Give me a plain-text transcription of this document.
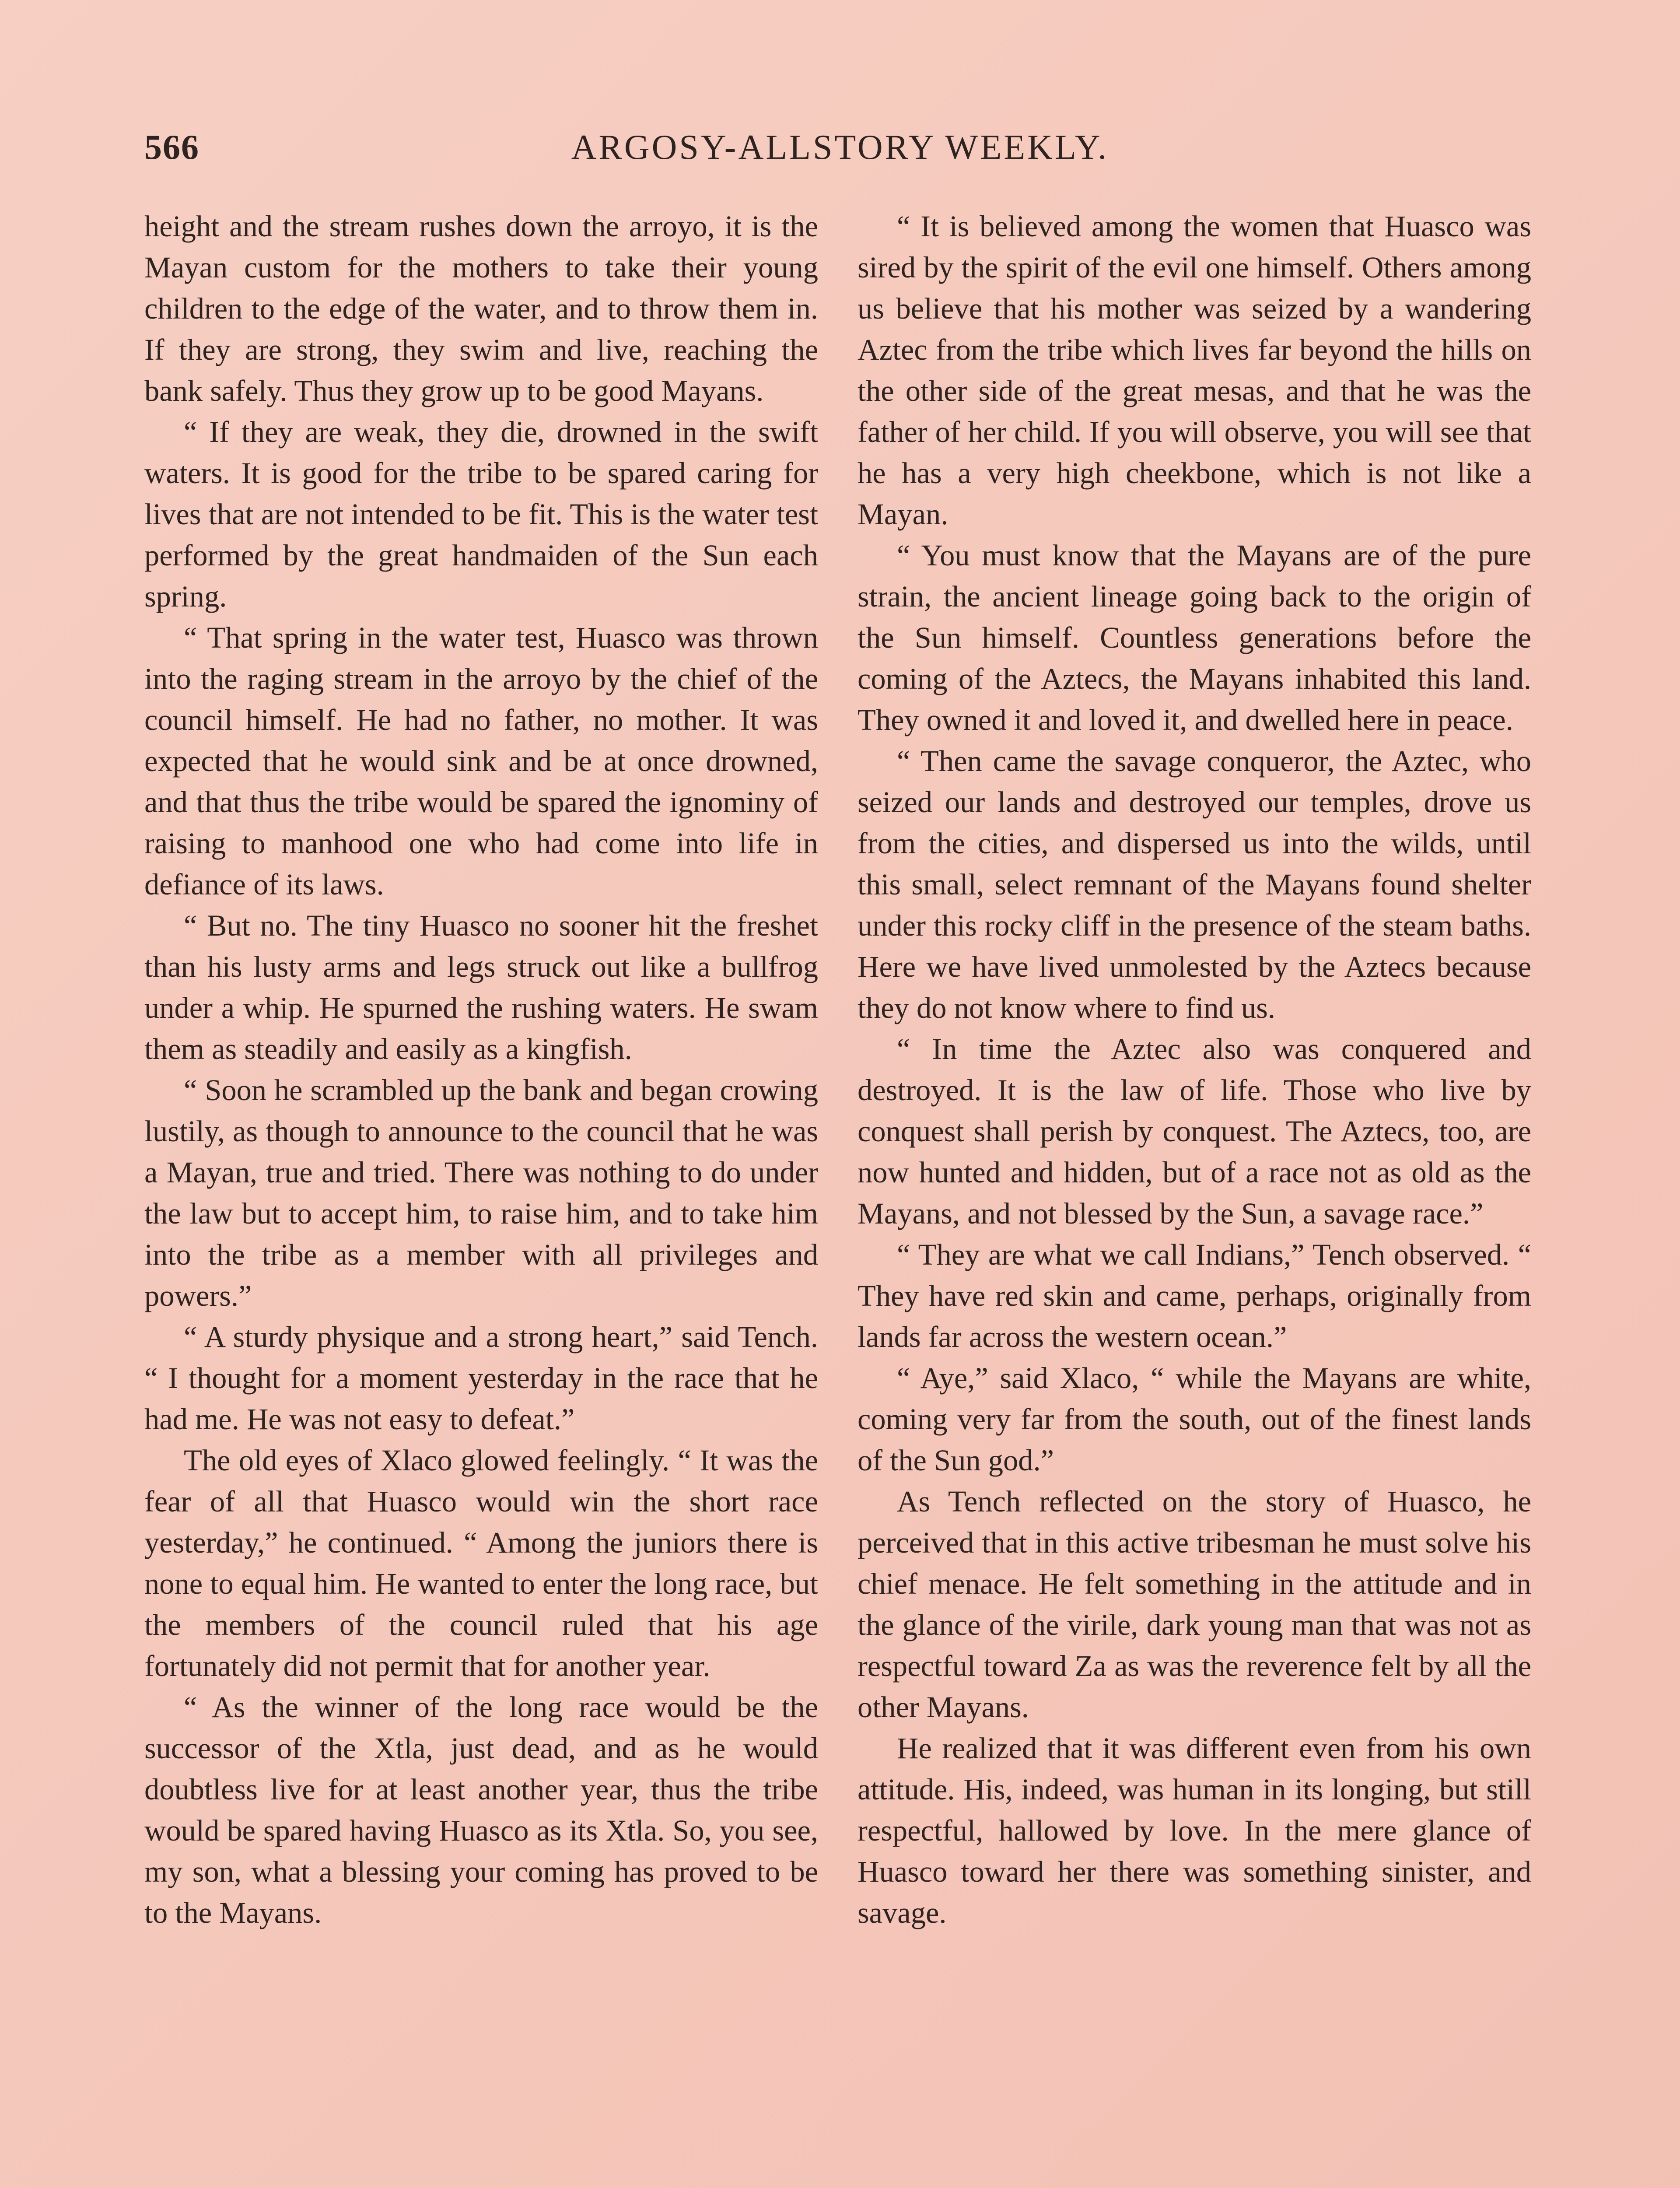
566	ARGOSY-ALLSTORY WEEKLY.

height and the stream rushes down the arroyo, it is the Mayan custom for the mothers to take their young children to the edge of the water, and to throw them in. If they are strong, they swim and live, reaching the bank safely. Thus they grow up to be good Mayans.

“ If they are weak, they die, drowned in the swift waters. It is good for the tribe to be spared caring for lives that are not intended to be fit. This is the water test performed by the great handmaiden of the Sun each spring.

“ That spring in the water test, Huasco was thrown into the raging stream in the arroyo by the chief of the council himself. He had no father, no mother. It was expected that he would sink and be at once drowned, and that thus the tribe would be spared the ignominy of raising to manhood one who had come into life in defiance of its laws.

“ But no. The tiny Huasco no sooner hit the freshet than his lusty arms and legs struck out like a bullfrog under a whip. He spurned the rushing waters. He swam them as steadily and easily as a kingfish.

“ Soon he scrambled up the bank and began crowing lustily, as though to announce to the council that he was a Mayan, true and tried. There was nothing to do under the law but to accept him, to raise him, and to take him into the tribe as a member with all privileges and powers.”

“ A sturdy physique and a strong heart,” said Tench. “ I thought for a moment yesterday in the race that he had me. He was not easy to defeat.”

The old eyes of Xlaco glowed feelingly. “ It was the fear of all that Huasco would win the short race yesterday,” he continued. “ Among the juniors there is none to equal him. He wanted to enter the long race, but the members of the council ruled that his age fortunately did not permit that for another year.

“ As the winner of the long race would be the successor of the Xtla, just dead, and as he would doubtless live for at least another year, thus the tribe would be spared having Huasco as its Xtla. So, you see, my son, what a blessing your coming has proved to be to the Mayans.

“ It is believed among the women that Huasco was sired by the spirit of the evil one himself. Others among us believe that his mother was seized by a wandering Aztec from the tribe which lives far beyond the hills on the other side of the great mesas, and that he was the father of her child. If you will observe, you will see that he has a very high cheekbone, which is not like a Mayan.

“ You must know that the Mayans are of the pure strain, the ancient lineage going back to the origin of the Sun himself. Countless generations before the coming of the Aztecs, the Mayans inhabited this land. They owned it and loved it, and dwelled here in peace.

“ Then came the savage conqueror, the Aztec, who seized our lands and destroyed our temples, drove us from the cities, and dispersed us into the wilds, until this small, select remnant of the Mayans found shelter under this rocky cliff in the presence of the steam baths. Here we have lived unmolested by the Aztecs because they do not know where to find us.

“ In time the Aztec also was conquered and destroyed. It is the law of life. Those who live by conquest shall perish by conquest. The Aztecs, too, are now hunted and hidden, but of a race not as old as the Mayans, and not blessed by the Sun, a savage race.”

“ They are what we call Indians,” Tench observed. “ They have red skin and came, perhaps, originally from lands far across the western ocean.”

“ Aye,” said Xlaco, “ while the Mayans are white, coming very far from the south, out of the finest lands of the Sun god.”

As Tench reflected on the story of Huasco, he perceived that in this active tribesman he must solve his chief menace. He felt something in the attitude and in the glance of the virile, dark young man that was not as respectful toward Za as was the reverence felt by all the other Mayans.

He realized that it was different even from his own attitude. His, indeed, was human in its longing, but still respectful, hallowed by love. In the mere glance of Huasco toward her there was something sinister, and savage.
